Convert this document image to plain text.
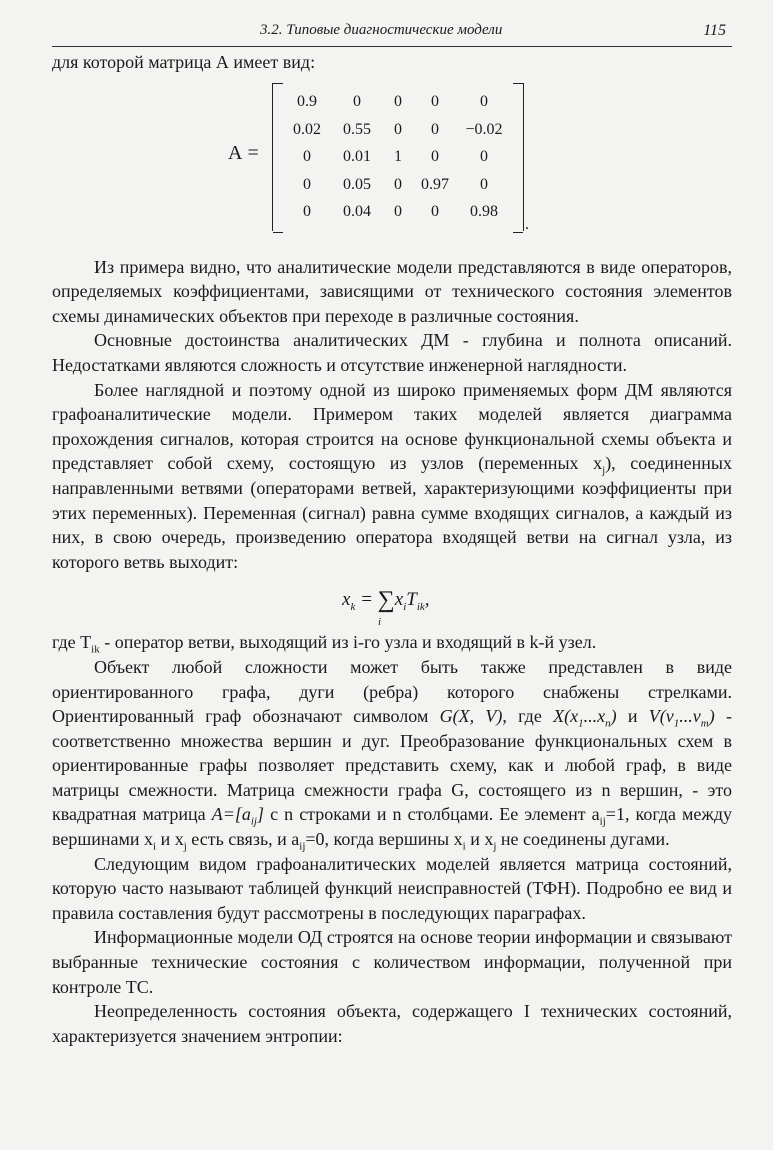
3.2. Типовые диагностические модели	115

для которой матрица А имеет вид:

А =
0.9	0	0	0	0
0.02	0.55	0	0	−0.02
0	0.01	1	0	0
0	0.05	0	0.97	0
0	0.04	0	0	0.98
.

Из примера видно, что аналитические модели представляются в виде операторов, определяемых коэффициентами, зависящими от технического состояния элементов схемы динамических объектов при переходе в различные состояния.

Основные достоинства аналитических ДМ - глубина и полнота описаний. Недостатками являются сложность и отсутствие инженерной наглядности.

Более наглядной и поэтому одной из широко применяемых форм ДМ являются графоаналитические модели. Примером таких моделей является диаграмма прохождения сигналов, которая строится на основе функциональной схемы объекта и представляет собой схему, состоящую из узлов (переменных $x_j$), соединенных направленными ветвями (операторами ветвей, характеризующими коэффициенты при этих переменных). Переменная (сигнал) равна сумме входящих сигналов, а каждый из них, в свою очередь, произведению оператора входящей ветви на сигнал узла, из которого ветвь выходит:

$x_k = \sum x_iT_{ik}$,
i

где $T_{ik}$ - оператор ветви, выходящий из i-го узла и входящий в k-й узел.

Объект любой сложности может быть также представлен в виде ориентированного графа, дуги (ребра) которого снабжены стрелками. Ориентированный граф обозначают символом G(X, V), где $X(x_1...x_n)$ и $V(v_1...v_m)$ - соответственно множества вершин и дуг. Преобразование функциональных схем в ориентированные графы позволяет представить схему, как и любой граф, в виде матрицы смежности. Матрица смежности графа G, состоящего из n вершин, - это квадратная матрица $A=[a_{ij}]$ с n строками и n столбцами. Ее элемент $a_{ij}=1$, когда между вершинами $x_i$ и $x_j$ есть связь, и $a_{ij}=0$, когда вершины $x_i$ и $x_j$ не соединены дугами.

Следующим видом графоаналитических моделей является матрица состояний, которую часто называют таблицей функций неисправностей (ТФН). Подробно ее вид и правила составления будут рассмотрены в последующих параграфах.

Информационные модели ОД строятся на основе теории информации и связывают выбранные технические состояния с количеством информации, полученной при контроле ТС.

Неопределенность состояния объекта, содержащего I технических состояний, характеризуется значением энтропии:
